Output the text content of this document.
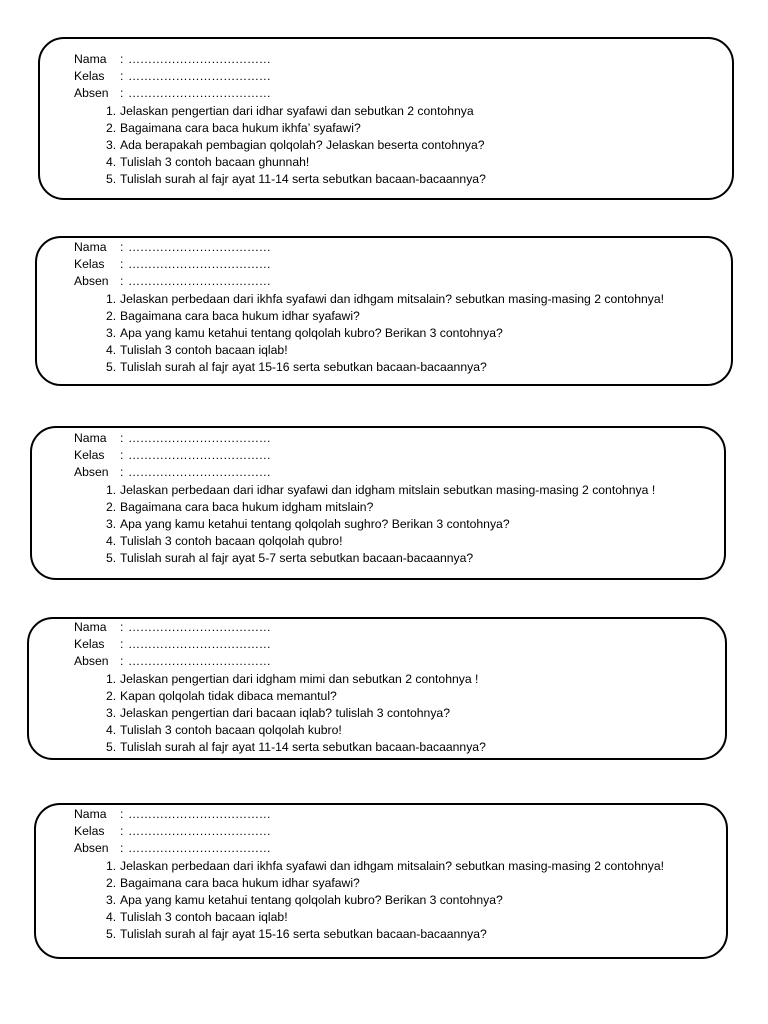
Nama	: ………………………………
Kelas	: ………………………………
Absen : ………………………………
1. Jelaskan pengertian dari idhar syafawi dan sebutkan 2 contohnya
2. Bagaimana cara baca hukum ikhfa’ syafawi?
3. Ada berapakah pembagian qolqolah? Jelaskan beserta contohnya?
4. Tulislah 3 contoh bacaan ghunnah!
5. Tulislah surah al fajr ayat 11-14 serta sebutkan bacaan-bacaannya?
Nama	: ………………………………
Kelas	: ………………………………
Absen : ………………………………
1. Jelaskan perbedaan dari ikhfa syafawi dan idhgam mitsalain? sebutkan masing-masing 2 contohnya!
2. Bagaimana cara baca hukum idhar syafawi?
3. Apa yang kamu ketahui tentang qolqolah kubro? Berikan 3 contohnya?
4. Tulislah 3 contoh bacaan iqlab!
5. Tulislah surah al fajr ayat 15-16 serta sebutkan bacaan-bacaannya?
Nama	: ………………………………
Kelas	: ………………………………
Absen : ………………………………
1. Jelaskan perbedaan dari idhar syafawi dan idgham mitslain sebutkan masing-masing 2 contohnya !
2. Bagaimana cara baca hukum idgham mitslain?
3. Apa yang kamu ketahui tentang qolqolah sughro? Berikan 3 contohnya?
4. Tulislah 3 contoh bacaan qolqolah qubro!
5. Tulislah surah al fajr ayat 5-7 serta sebutkan bacaan-bacaannya?
Nama	: ………………………………
Kelas	: ………………………………
Absen : ………………………………
1. Jelaskan pengertian dari idgham mimi dan sebutkan 2 contohnya !
2. Kapan qolqolah tidak dibaca memantul?
3. Jelaskan pengertian dari bacaan iqlab? tulislah 3 contohnya?
4. Tulislah 3 contoh bacaan qolqolah kubro!
5. Tulislah surah al fajr ayat 11-14 serta sebutkan bacaan-bacaannya?
Nama	: ………………………………
Kelas	: ………………………………
Absen : ………………………………
1. Jelaskan perbedaan dari ikhfa syafawi dan idhgam mitsalain? sebutkan masing-masing 2 contohnya!
2. Bagaimana cara baca hukum idhar syafawi?
3. Apa yang kamu ketahui tentang qolqolah kubro? Berikan 3 contohnya?
4. Tulislah 3 contoh bacaan iqlab!
5. Tulislah surah al fajr ayat 15-16 serta sebutkan bacaan-bacaannya?
